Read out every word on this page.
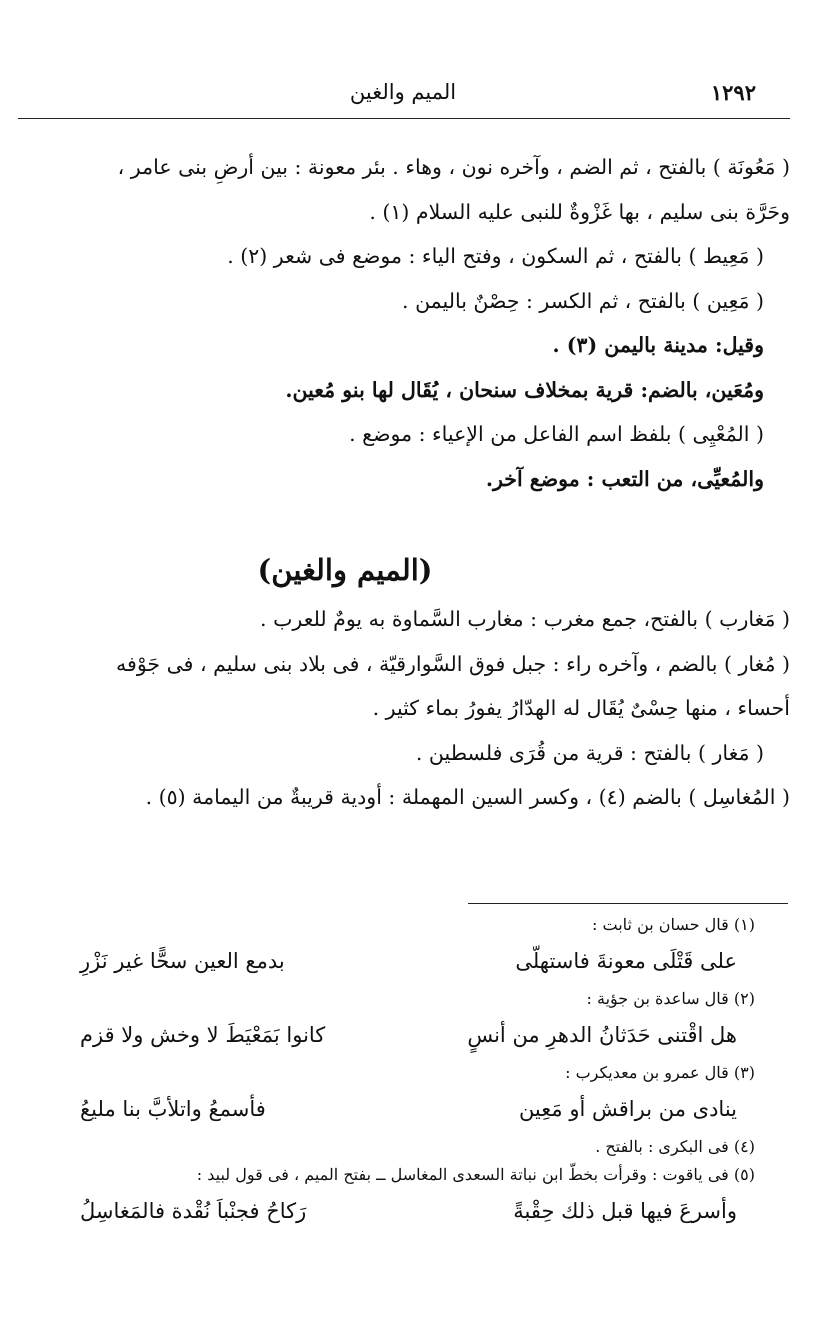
١٢٩٢
الميم والغين
( مَعُونَة ) بالفتح ، ثم الضم ، وآخره نون ، وهاء . بئر معونة : بين أرضِ بنى عامر ،
وحَرَّة بنى سليم ، بها غَزْوةٌ للنبى عليه السلام (١) .
( مَعِيط ) بالفتح ، ثم السكون ، وفتح الياء : موضع فى شعر (٢) .
( مَعِين ) بالفتح ، ثم الكسر : حِصْنٌ باليمن .
وقيل: مدينة باليمن (٣) .
ومُعَين، بالضم: قرية بمخلاف سنحان ، يُقَال لها بنو مُعين.
( المُعْيِى ) بلفظ اسم الفاعل من الإعياء : موضع .
والمُعيِّى، من التعب : موضع آخر.
(الميم والغين)
( مَغارب ) بالفتح، جمع مغرب : مغارب السَّماوة به يومٌ للعرب .
( مُغار ) بالضم ، وآخره راء : جبل فوق السَّوارقيّة ، فى بلاد بنى سليم ، فى جَوْفه
أحساء ، منها حِسْىٌ يُقَال له الهدّارُ يفورُ بماء كثير .
( مَغار ) بالفتح : قرية من قُرَى فلسطين .
( المُغاسِل ) بالضم (٤) ، وكسر السين المهملة : أودية قريبةٌ من اليمامة (٥) .
(١) قال حسان بن ثابت :
على قَتْلَى معونةَ فاستهلّى
بدمع العين سحًّا غير نَزْرِ
(٢) قال ساعدة بن جؤية :
هل اقْتنى حَدَثانُ الدهرِ من أنسٍ
كانوا بَمَعْيَطَ لا وخش ولا قزم
(٣) قال عمرو بن معديكرب :
ينادى من براقش أو مَعِين
فأسمعُ واتلأبَّ بنا مليعُ
(٤) فى البكرى : بالفتح .
(٥) فى ياقوت : وقرأت بخطّ ابن نباتة السعدى المغاسل ــ بفتح الميم ، فى قول لبيد :
وأسرعَ فيها قبل ذلك حِقْبةً
رَكاحُ فجنْباَ نُقْدة فالمَغاسِلُ
